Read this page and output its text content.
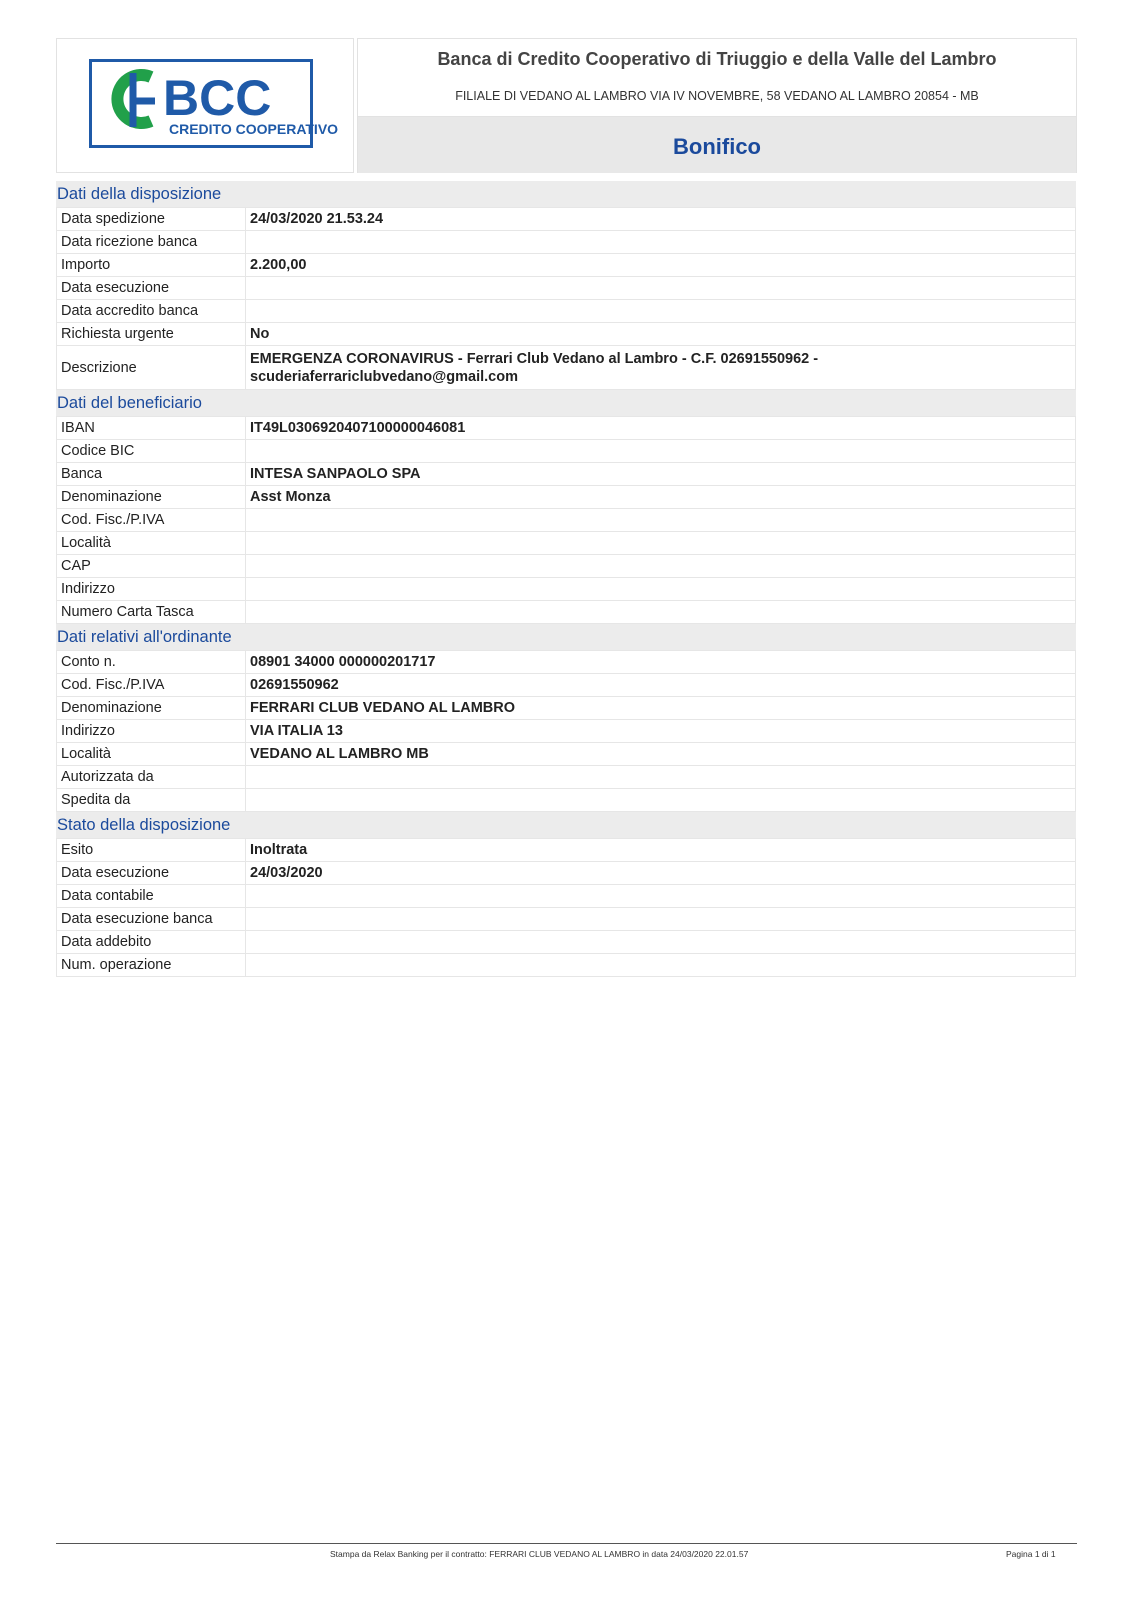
BCC
CREDITO COOPERATIVO
Banca di Credito Cooperativo di Triuggio e della Valle del Lambro
FILIALE DI VEDANO AL LAMBRO VIA IV NOVEMBRE, 58 VEDANO AL LAMBRO 20854 - MB
Bonifico
Dati della disposizione
Data spedizione	24/03/2020 21.53.24
Data ricezione banca	
Importo	2.200,00
Data esecuzione	
Data accredito banca	
Richiesta urgente	No
Descrizione	EMERGENZA CORONAVIRUS - Ferrari Club Vedano al Lambro - C.F. 02691550962 - scuderiaferrariclubvedano@gmail.com
Dati del beneficiario
IBAN	IT49L0306920407100000046081
Codice BIC	
Banca	INTESA SANPAOLO SPA
Denominazione	Asst Monza
Cod. Fisc./P.IVA	
Località	
CAP	
Indirizzo	
Numero Carta Tasca	
Dati relativi all'ordinante
Conto n.	08901 34000 000000201717
Cod. Fisc./P.IVA	02691550962
Denominazione	FERRARI CLUB VEDANO AL LAMBRO
Indirizzo	VIA ITALIA 13
Località	VEDANO AL LAMBRO MB
Autorizzata da	
Spedita da	
Stato della disposizione
Esito	Inoltrata
Data esecuzione	24/03/2020
Data contabile	
Data esecuzione banca	
Data addebito	
Num. operazione	
Stampa da Relax Banking per il contratto: FERRARI CLUB VEDANO AL LAMBRO in data 24/03/2020 22.01.57	Pagina 1 di 1
